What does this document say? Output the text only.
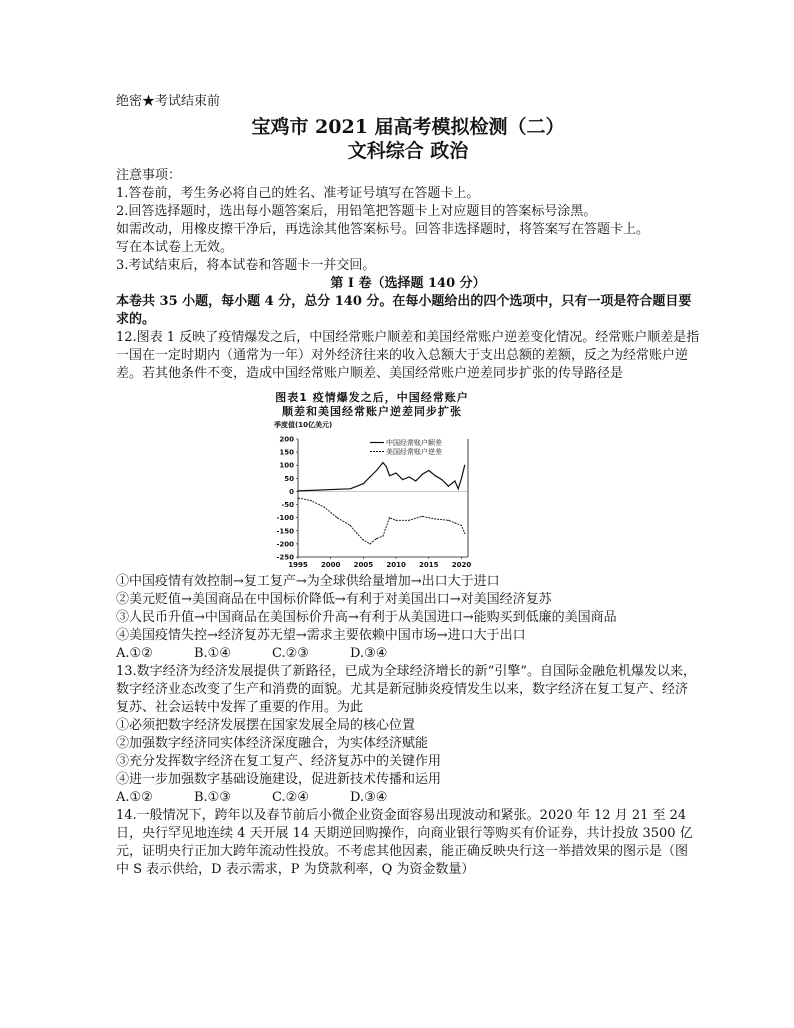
绝密★考试结束前
宝鸡市 2021 届高考模拟检测（二）
文科综合 政治
注意事项：
1.答卷前，考生务必将自己的姓名、准考证号填写在答题卡上。
2.回答选择题时，选出每小题答案后，用铅笔把答题卡上对应题目的答案标号涂黑。
如需改动，用橡皮擦干净后，再选涂其他答案标号。回答非选择题时，将答案写在答题卡上。
写在本试卷上无效。
3.考试结束后，将本试卷和答题卡一并交回。
第 I 卷（选择题 140 分）
本卷共 35 小题，每小题 4 分，总分 140 分。在每小题给出的四个选项中，只有一项是符合题目要求的。
12.图表 1 反映了疫情爆发之后，中国经常账户顺差和美国经常账户逆差变化情况。经常账户顺差是指一国在一定时期内（通常为一年）对外经济往来的收入总额大于支出总额的差额，反之为经常账户逆差。若其他条件不变，造成中国经常账户顺差、美国经常账户逆差同步扩张的传导路径是
图表1 疫情爆发之后，中国经常账户
顺差和美国经常账户逆差同步扩张
季度值(10亿美元)
200
150
100
50
0
-50
-100
-150
-200
-250
1995 2000 2005 2010 2015 2020
中国经常账户顺差
美国经常账户逆差
①中国疫情有效控制→复工复产→为全球供给量增加→出口大于进口
②美元贬值→美国商品在中国标价降低→有利于对美国出口→对美国经济复苏
③人民币升值→中国商品在美国标价升高→有利于从美国进口→能购买到低廉的美国商品
④美国疫情失控→经济复苏无望→需求主要依赖中国市场→进口大于出口
A.①②	B.①④	C.②③	D.③④
13.数字经济为经济发展提供了新路径，已成为全球经济增长的新“引擎”。自国际金融危机爆发以来，数字经济业态改变了生产和消费的面貌。尤其是新冠肺炎疫情发生以来，数字经济在复工复产、经济复苏、社会运转中发挥了重要的作用。为此
①必须把数字经济发展摆在国家发展全局的核心位置
②加强数字经济同实体经济深度融合，为实体经济赋能
③充分发挥数字经济在复工复产、经济复苏中的关键作用
④进一步加强数字基础设施建设，促进新技术传播和运用
A.①②	B.①③	C.②④	D.③④
14.一般情况下，跨年以及春节前后小微企业资金面容易出现波动和紧张。2020 年 12 月 21 至 24 日，央行罕见地连续 4 天开展 14 天期逆回购操作，向商业银行等购买有价证券，共计投放 3500 亿元，证明央行正加大跨年流动性投放。不考虑其他因素，能正确反映央行这一举措效果的图示是（图中 S 表示供给，D 表示需求，P 为贷款利率，Q 为资金数量）
